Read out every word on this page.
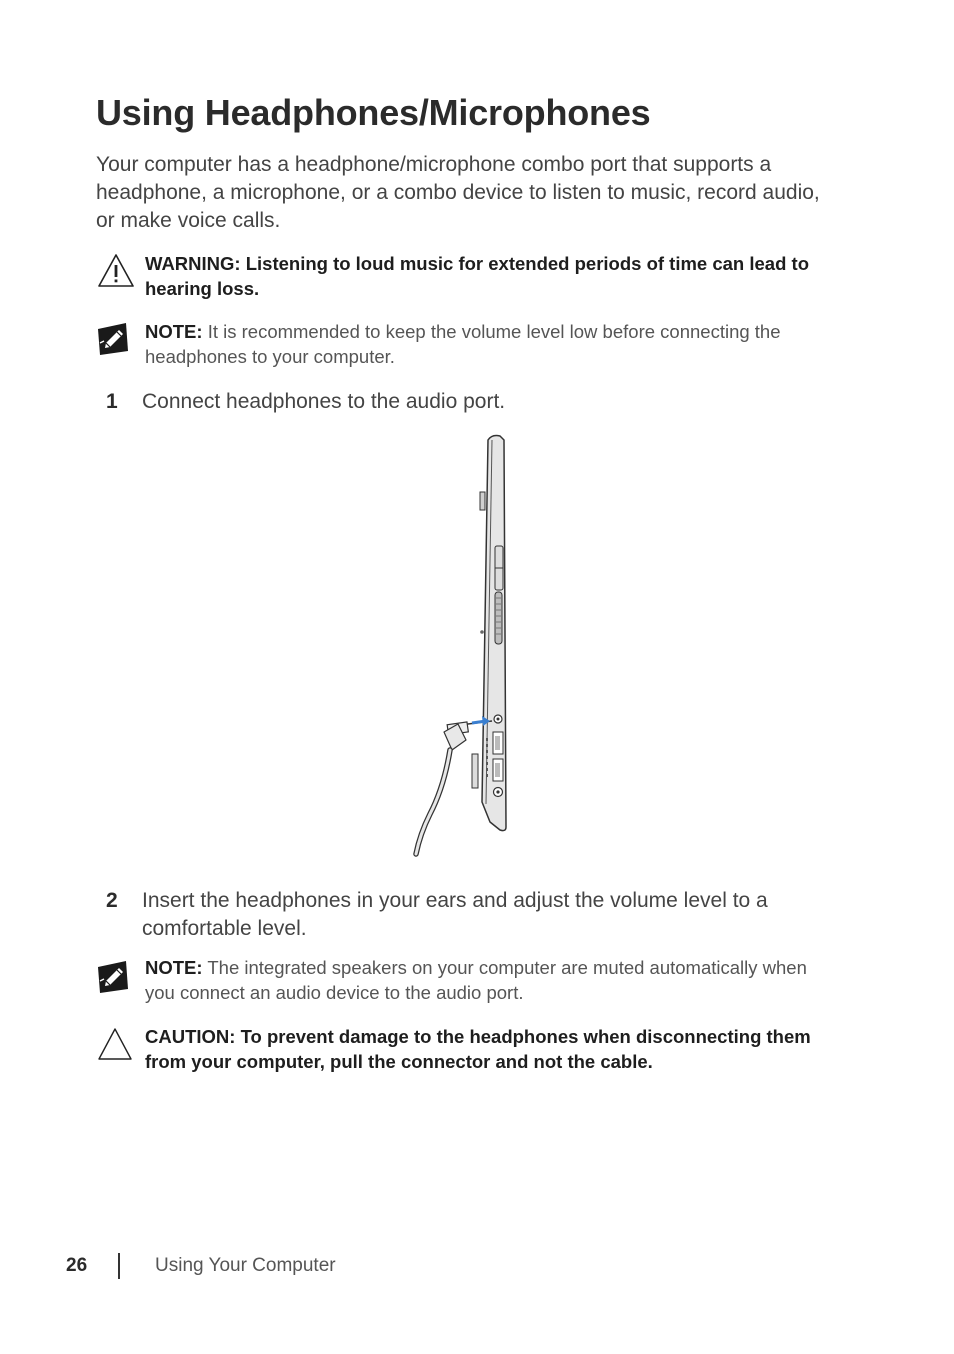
Using Headphones/Microphones

Your computer has a headphone/microphone combo port that supports a headphone, a microphone, or a combo device to listen to music, record audio, or make voice calls.

WARNING: Listening to loud music for extended periods of time can lead to hearing loss.
NOTE: It is recommended to keep the volume level low before connecting the headphones to your computer.
1 Connect headphones to the audio port.
2 Insert the headphones in your ears and adjust the volume level to a comfortable level.
NOTE: The integrated speakers on your computer are muted automatically when you connect an audio device to the audio port.
CAUTION: To prevent damage to the headphones when disconnecting them from your computer, pull the connector and not the cable.
26	Using Your Computer
